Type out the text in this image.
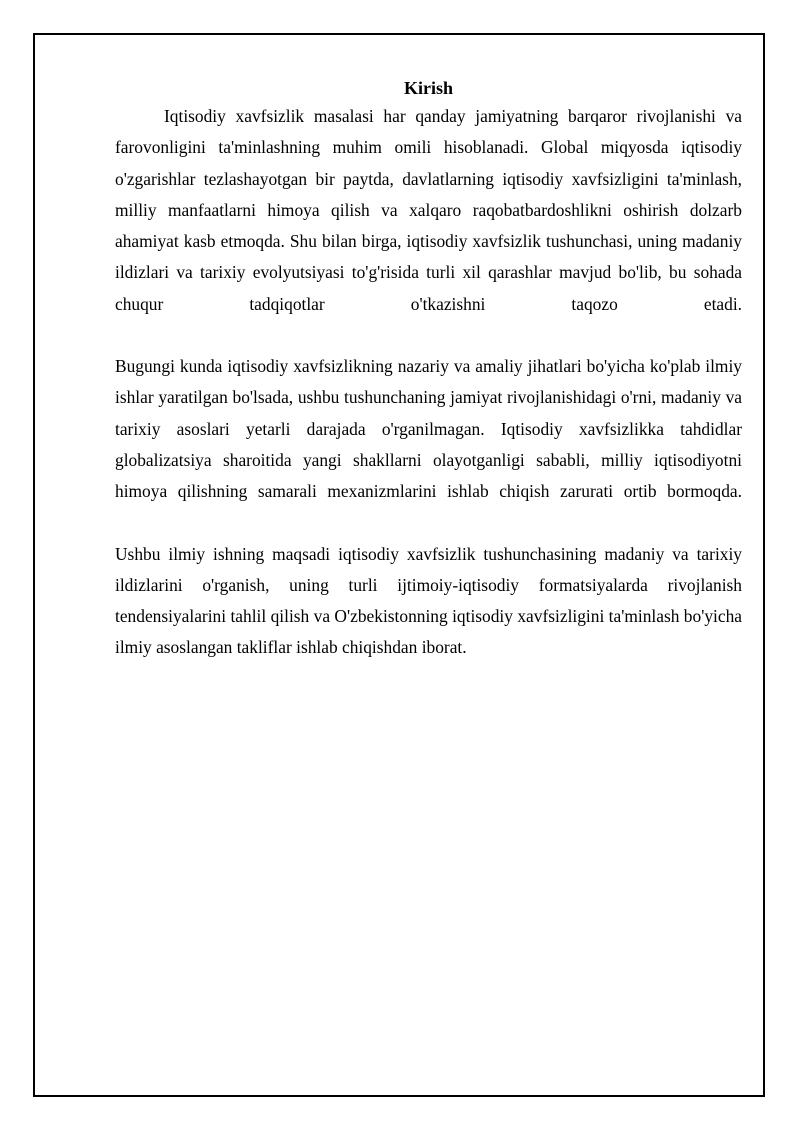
Kirish

Iqtisodiy xavfsizlik masalasi har qanday jamiyatning barqaror rivojlanishi va farovonligini ta'minlashning muhim omili hisoblanadi. Global miqyosda iqtisodiy o'zgarishlar tezlashayotgan bir paytda, davlatlarning iqtisodiy xavfsizligini ta'minlash, milliy manfaatlarni himoya qilish va xalqaro raqobatbardoshlikni oshirish dolzarb ahamiyat kasb etmoqda. Shu bilan birga, iqtisodiy xavfsizlik tushunchasi, uning madaniy ildizlari va tarixiy evolyutsiyasi to'g'risida turli xil qarashlar mavjud bo'lib, bu sohada chuqur tadqiqotlar o'tkazishni taqozo etadi.

Bugungi kunda iqtisodiy xavfsizlikning nazariy va amaliy jihatlari bo'yicha ko'plab ilmiy ishlar yaratilgan bo'lsada, ushbu tushunchaning jamiyat rivojlanishidagi o'rni, madaniy va tarixiy asoslari yetarli darajada o'rganilmagan. Iqtisodiy xavfsizlikka tahdidlar globalizatsiya sharoitida yangi shakllarni olayotganligi sababli, milliy iqtisodiyotni himoya qilishning samarali mexanizmlarini ishlab chiqish zarurati ortib bormoqda.

Ushbu ilmiy ishning maqsadi iqtisodiy xavfsizlik tushunchasining madaniy va tarixiy ildizlarini o'rganish, uning turli ijtimoiy-iqtisodiy formatsiyalarda rivojlanish tendensiyalarini tahlil qilish va O'zbekistonning iqtisodiy xavfsizligini ta'minlash bo'yicha ilmiy asoslangan takliflar ishlab chiqishdan iborat.
